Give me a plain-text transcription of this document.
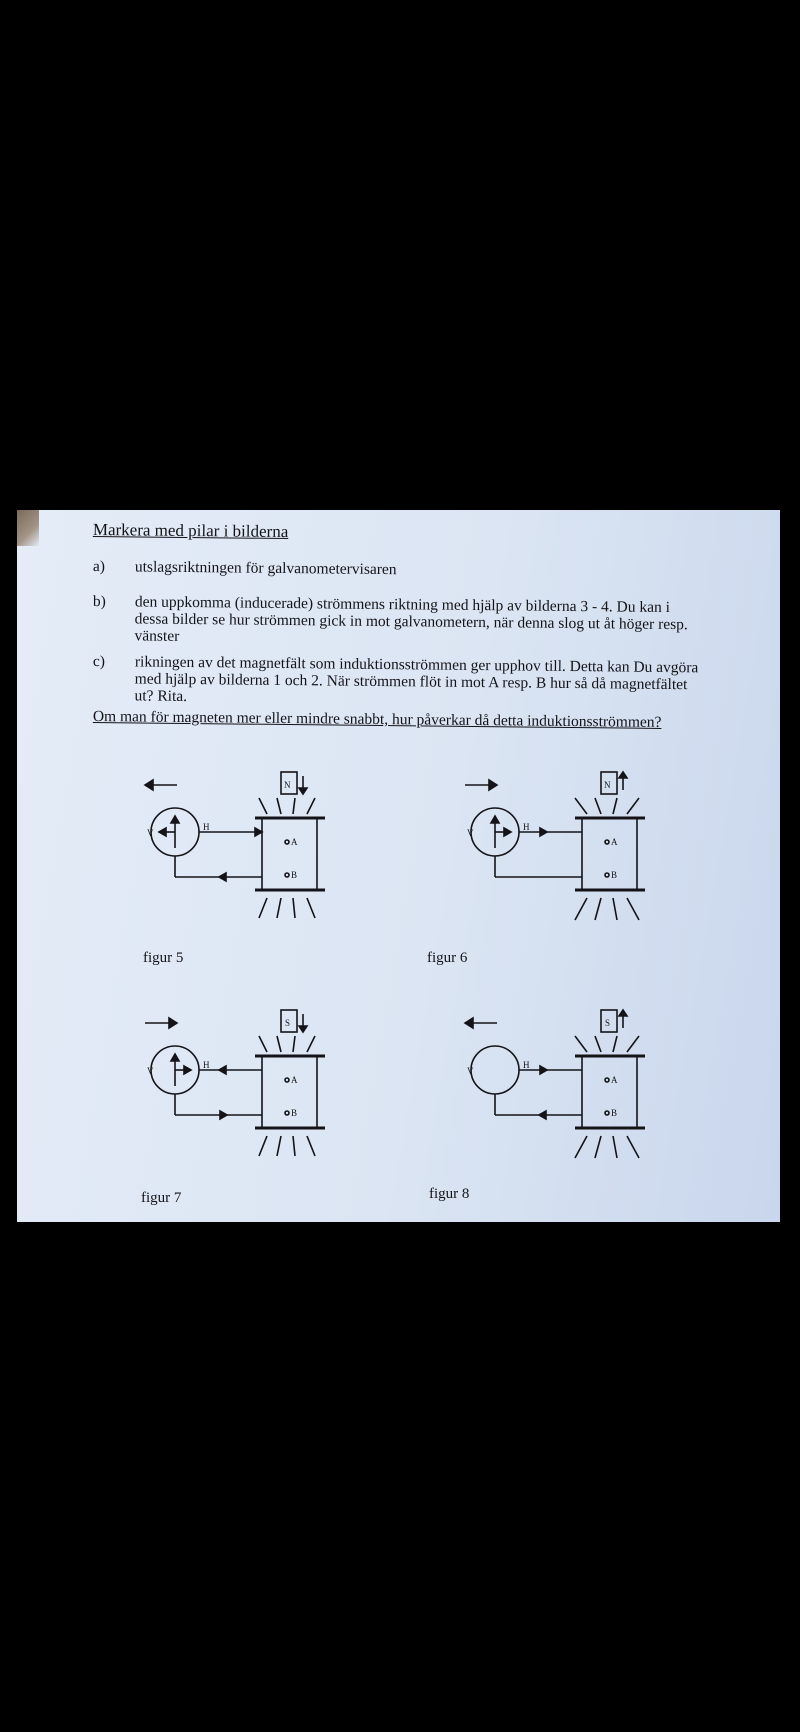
Markera med pilar i bilderna
a)	utslagsriktningen för galvanometervisaren
b)	den uppkomma (inducerade) strömmens riktning med hjälp av bilderna 3 - 4. Du kan i dessa bilder se hur strömmen gick in mot galvanometern, när denna slog ut åt höger resp. vänster
c)	rikningen av det magnetfält som induktionsströmmen ger upphov till. Detta kan Du avgöra med hjälp av bilderna 1 och 2. När strömmen flöt in mot A resp. B hur så då magnetfältet ut? Rita.
Om man för magneten mer eller mindre snabbt, hur påverkar då detta induktionsströmmen?
V
H
A
B
N
figur 5
V
H
A
B
N
figur 6
V
H
A
B
S
figur 7
V
H
A
B
S
figur 8
